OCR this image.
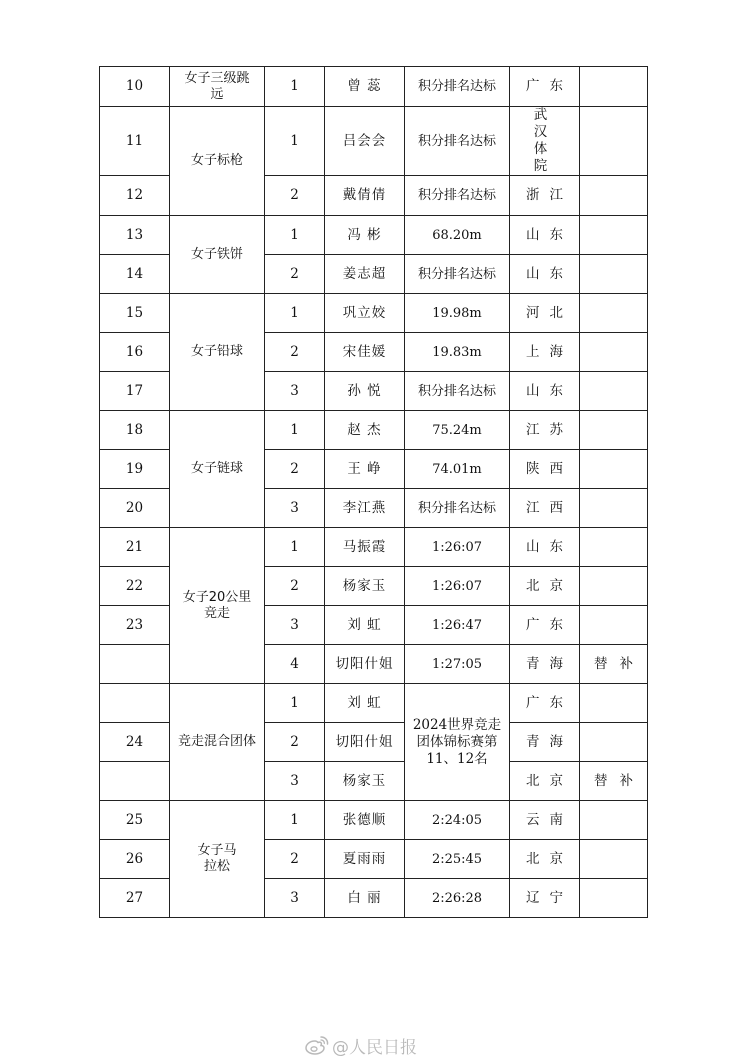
10	女子三级跳远	1	曾 蕊	积分排名达标	广东	
11	女子标枪	1	吕会会	积分排名达标	武汉体院	
12		2	戴倩倩	积分排名达标	浙江	
13	女子铁饼	1	冯 彬	68.20m	山东	
14		2	姜志超	积分排名达标	山东	
15	女子铅球	1	巩立姣	19.98m	河北	
16		2	宋佳媛	19.83m	上海	
17		3	孙 悦	积分排名达标	山东	
18	女子链球	1	赵 杰	75.24m	江苏	
19		2	王 峥	74.01m	陕西	
20		3	李江燕	积分排名达标	江西	
21	女子20公里竞走	1	马振霞	1:26:07	山东	
22		2	杨家玉	1:26:07	北京	
23		3	刘 虹	1:26:47	广东	
		4	切阳什姐	1:27:05	青海	替补
	竞走混合团体	1	刘 虹	2024世界竞走团体锦标赛第11、12名	广东	
24		2	切阳什姐		青海	
		3	杨家玉		北京	替补
25	女子马拉松	1	张德顺	2:24:05	云南	
26		2	夏雨雨	2:25:45	北京	
27		3	白 丽	2:26:28	辽宁	
@人民日报
